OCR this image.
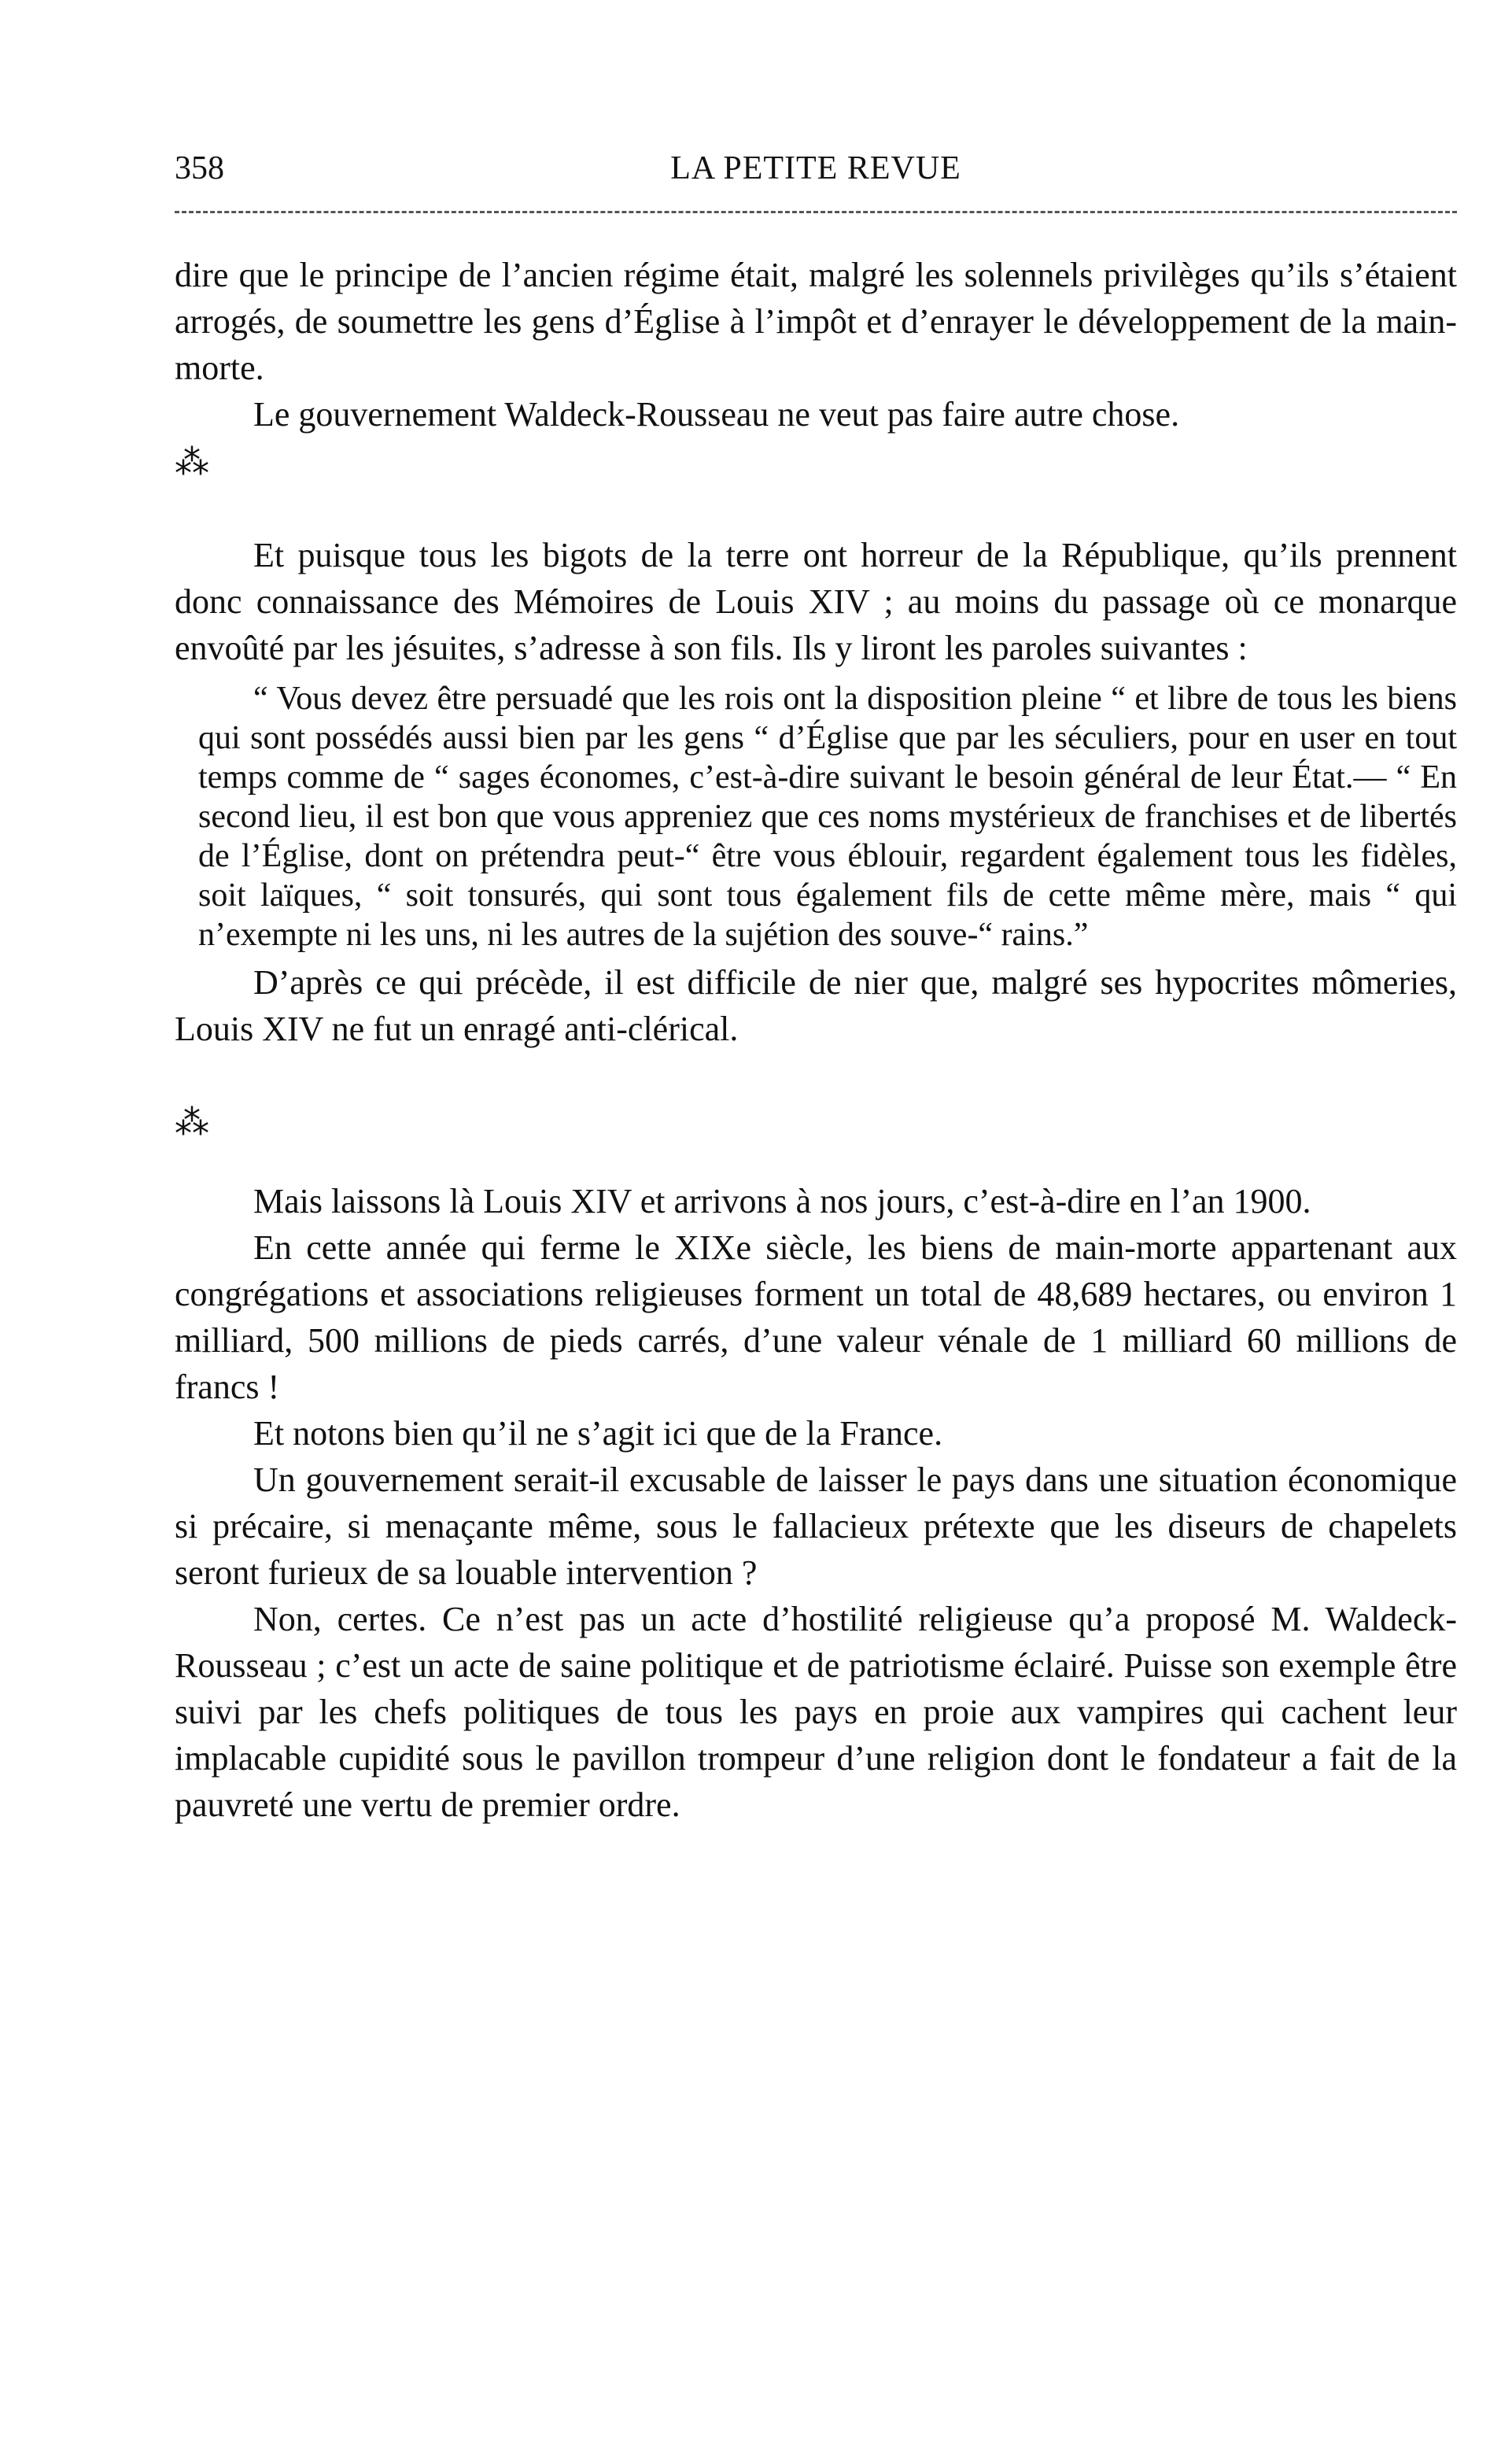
358	LA PETITE REVUE

dire que le principe de l’ancien régime était, malgré les solennels privilèges qu’ils s’étaient arrogés, de soumettre les gens d’Église à l’impôt et d’enrayer le développement de la main-morte.

Le gouvernement Waldeck-Rousseau ne veut pas faire autre chose.

⁂

Et puisque tous les bigots de la terre ont horreur de la République, qu’ils prennent donc connaissance des Mémoires de Louis XIV ; au moins du passage où ce monarque envoûté par les jésuites, s’adresse à son fils. Ils y liront les paroles suivantes :

“ Vous devez être persuadé que les rois ont la disposition pleine “ et libre de tous les biens qui sont possédés aussi bien par les gens “ d’Église que par les séculiers, pour en user en tout temps comme de “ sages économes, c’est-à-dire suivant le besoin général de leur État.— “ En second lieu, il est bon que vous appreniez que ces noms mystérieux de franchises et de libertés de l’Église, dont on prétendra peut-“ être vous éblouir, regardent également tous les fidèles, soit laïques, “ soit tonsurés, qui sont tous également fils de cette même mère, mais “ qui n’exempte ni les uns, ni les autres de la sujétion des souve-“ rains.”

D’après ce qui précède, il est difficile de nier que, malgré ses hypocrites mômeries, Louis XIV ne fut un enragé anti-clérical.

⁂

Mais laissons là Louis XIV et arrivons à nos jours, c’est-à-dire en l’an 1900.

En cette année qui ferme le XIXe siècle, les biens de main-morte appartenant aux congrégations et associations religieuses forment un total de 48,689 hectares, ou environ 1 milliard, 500 millions de pieds carrés, d’une valeur vénale de 1 milliard 60 millions de francs !

Et notons bien qu’il ne s’agit ici que de la France.

Un gouvernement serait-il excusable de laisser le pays dans une situation économique si précaire, si menaçante même, sous le fallacieux prétexte que les diseurs de chapelets seront furieux de sa louable intervention ?

Non, certes. Ce n’est pas un acte d’hostilité religieuse qu’a proposé M. Waldeck-Rousseau ; c’est un acte de saine politique et de patriotisme éclairé. Puisse son exemple être suivi par les chefs politiques de tous les pays en proie aux vampires qui cachent leur implacable cupidité sous le pavillon trompeur d’une religion dont le fondateur a fait de la pauvreté une vertu de premier ordre.
